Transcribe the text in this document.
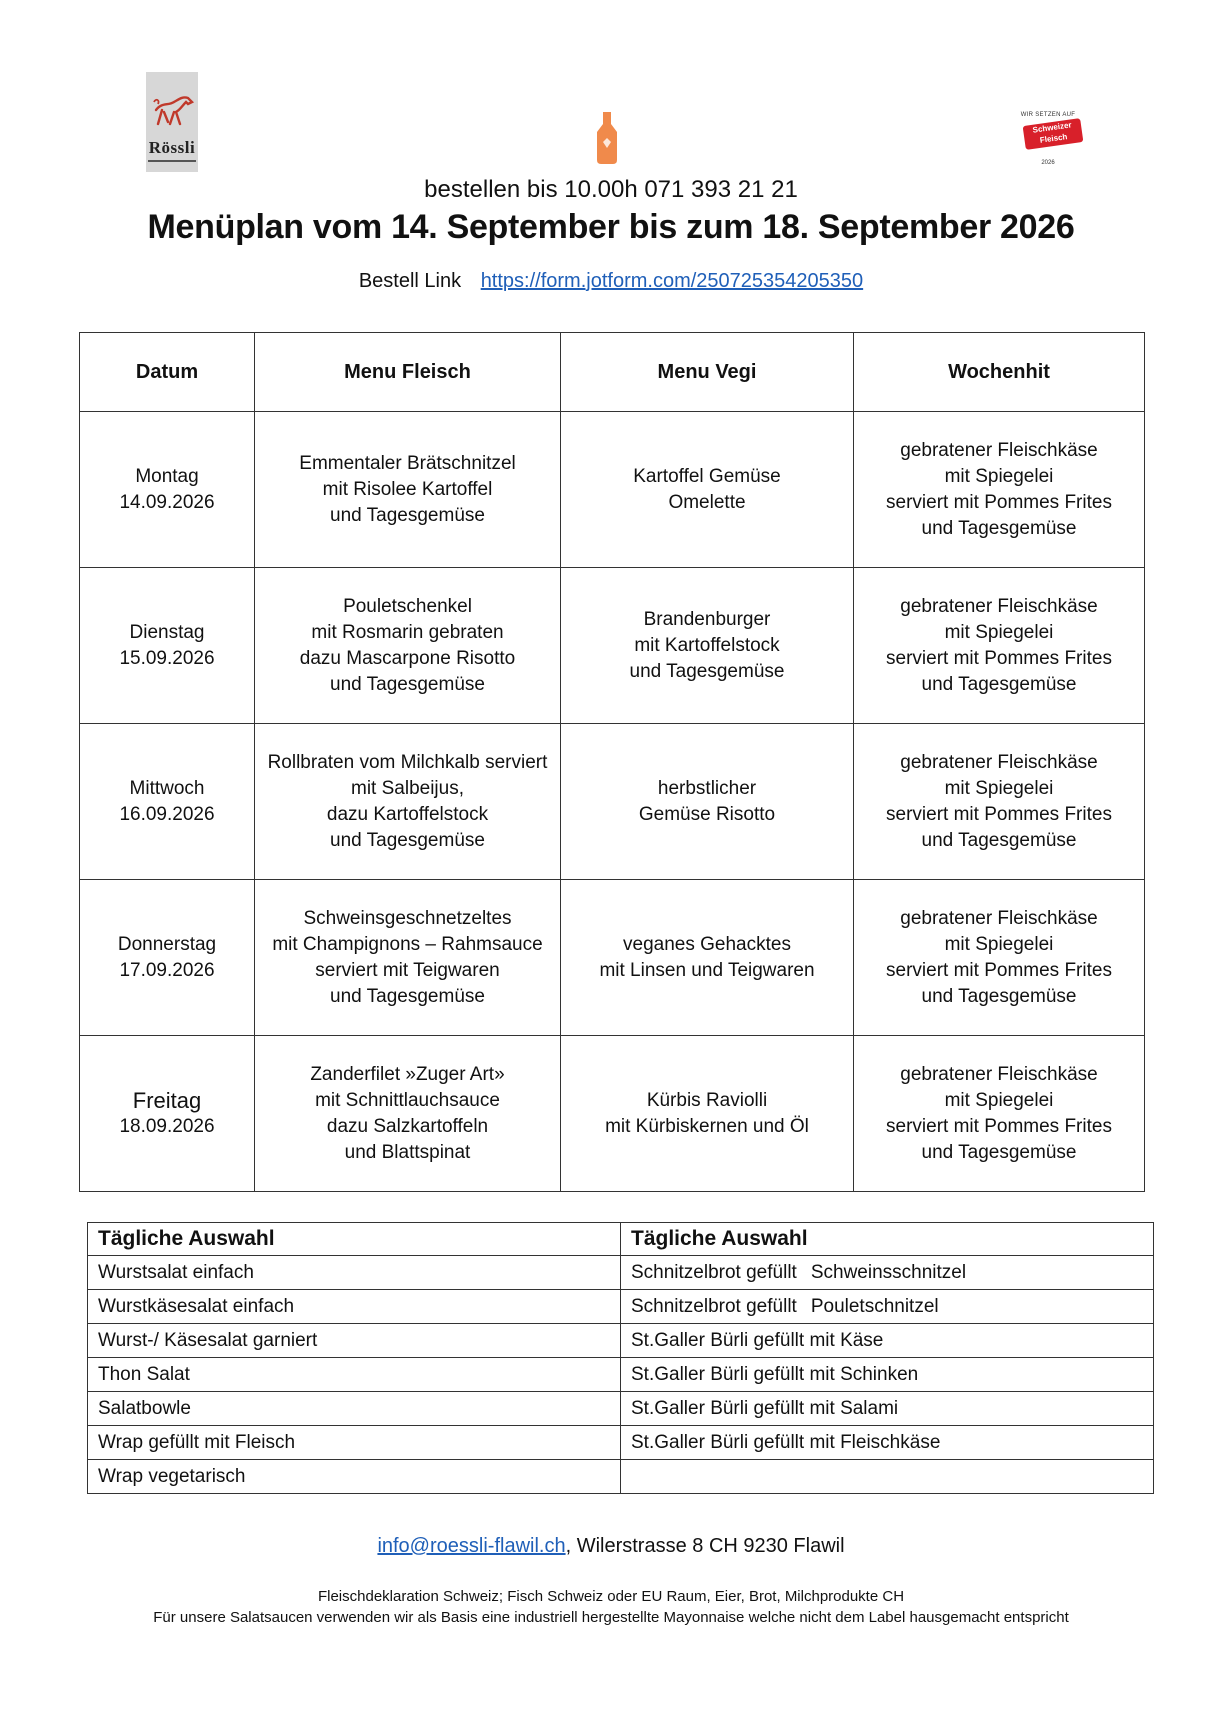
Rössli
WIR SETZEN AUF
Schweizer Fleisch
2026
bestellen bis 10.00h 071 393 21 21
Menüplan vom 14. September bis zum 18. September 2026
Bestell Link https://form.jotform.com/250725354205350
Datum	Menu Fleisch	Menu Vegi	Wochenhit

Montag
14.09.2026	Emmentaler Brätschnitzel
mit Risolee Kartoffel
und Tagesgemüse	Kartoffel Gemüse
Omelette	gebratener Fleischkäse
mit Spiegelei
serviert mit Pommes Frites
und Tagesgemüse

Dienstag
15.09.2026	Pouletschenkel
mit Rosmarin gebraten
dazu Mascarpone Risotto
und Tagesgemüse	Brandenburger
mit Kartoffelstock
und Tagesgemüse	gebratener Fleischkäse
mit Spiegelei
serviert mit Pommes Frites
und Tagesgemüse

Mittwoch
16.09.2026	Rollbraten vom Milchkalb serviert
mit Salbeijus,
dazu Kartoffelstock
und Tagesgemüse	herbstlicher
Gemüse Risotto	gebratener Fleischkäse
mit Spiegelei
serviert mit Pommes Frites
und Tagesgemüse

Donnerstag
17.09.2026	Schweinsgeschnetzeltes
mit Champignons – Rahmsauce
serviert mit Teigwaren
und Tagesgemüse	veganes Gehacktes
mit Linsen und Teigwaren	gebratener Fleischkäse
mit Spiegelei
serviert mit Pommes Frites
und Tagesgemüse

Freitag
18.09.2026	Zanderfilet »Zuger Art»
mit Schnittlauchsauce
dazu Salzkartoffeln
und Blattspinat	Kürbis Raviolli
mit Kürbiskernen und Öl	gebratener Fleischkäse
mit Spiegelei
serviert mit Pommes Frites
und Tagesgemüse
Tägliche Auswahl	Tägliche Auswahl
Wurstsalat einfach	Schnitzelbrot gefüllt Schweinsschnitzel
Wurstkäsesalat einfach	Schnitzelbrot gefüllt Pouletschnitzel
Wurst-/ Käsesalat garniert	St.Galler Bürli gefüllt mit Käse
Thon Salat	St.Galler Bürli gefüllt mit Schinken
Salatbowle	St.Galler Bürli gefüllt mit Salami
Wrap gefüllt mit Fleisch	St.Galler Bürli gefüllt mit Fleischkäse
Wrap vegetarisch	
info@roessli-flawil.ch, Wilerstrasse 8 CH 9230 Flawil
Fleischdeklaration Schweiz; Fisch Schweiz oder EU Raum, Eier, Brot, Milchprodukte CH
Für unsere Salatsaucen verwenden wir als Basis eine industriell hergestellte Mayonnaise welche nicht dem Label hausgemacht entspricht
